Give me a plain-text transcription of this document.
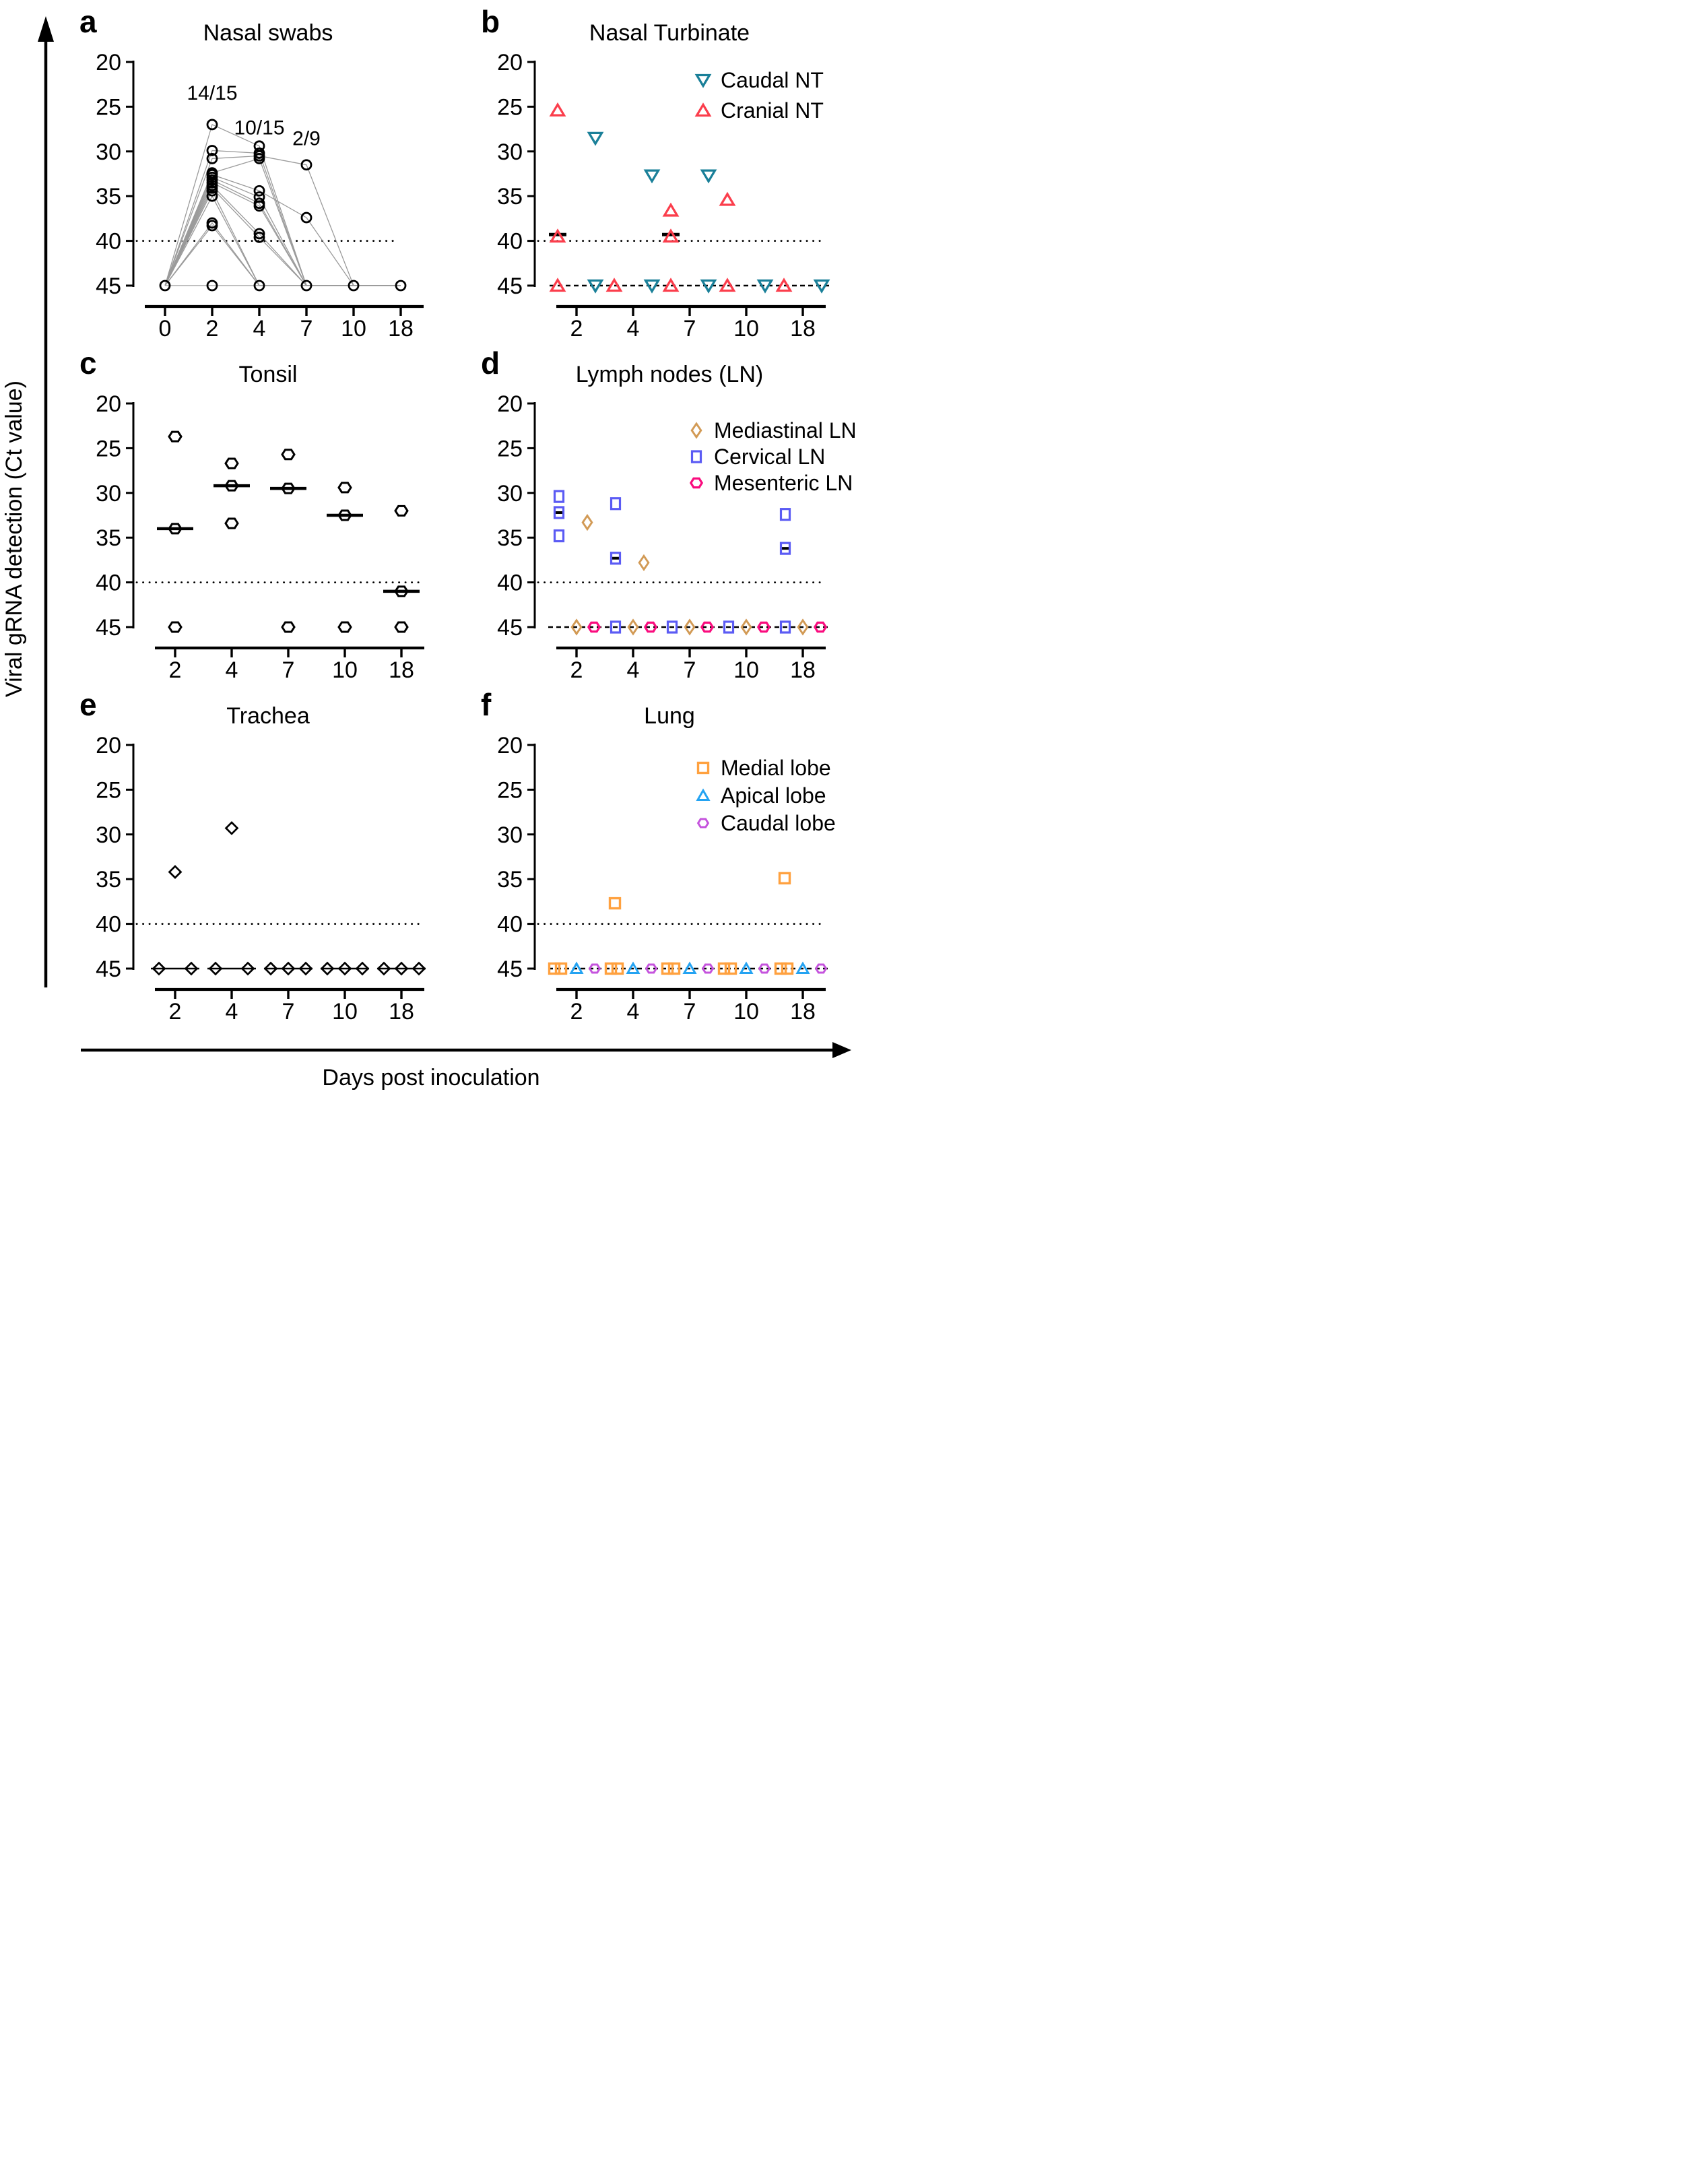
Viral gRNA detection (Ct value)
a	Nasal swabs
20
25
30
35
40
45
0 2 4 7 10 18
14/15
10/15 2/9
b	Nasal Turbinate
20
25
30
35
40
45
2 4 7 10 18
Caudal NT
Cranial NT
c	Tonsil
20
25
30
35
40
45
2 4 7 10 18
d	Lymph nodes (LN)
20
25
30
35
40
45
2 4 7 10 18
Mediastinal LN
Cervical LN
Mesenteric LN
e	Trachea
20
25
30
35
40
45
2 4 7 10 18
f	Lung
20
25
30
35
40
45
2 4 7 10 18
Medial lobe
Apical lobe
Caudal lobe
Days post inoculation
